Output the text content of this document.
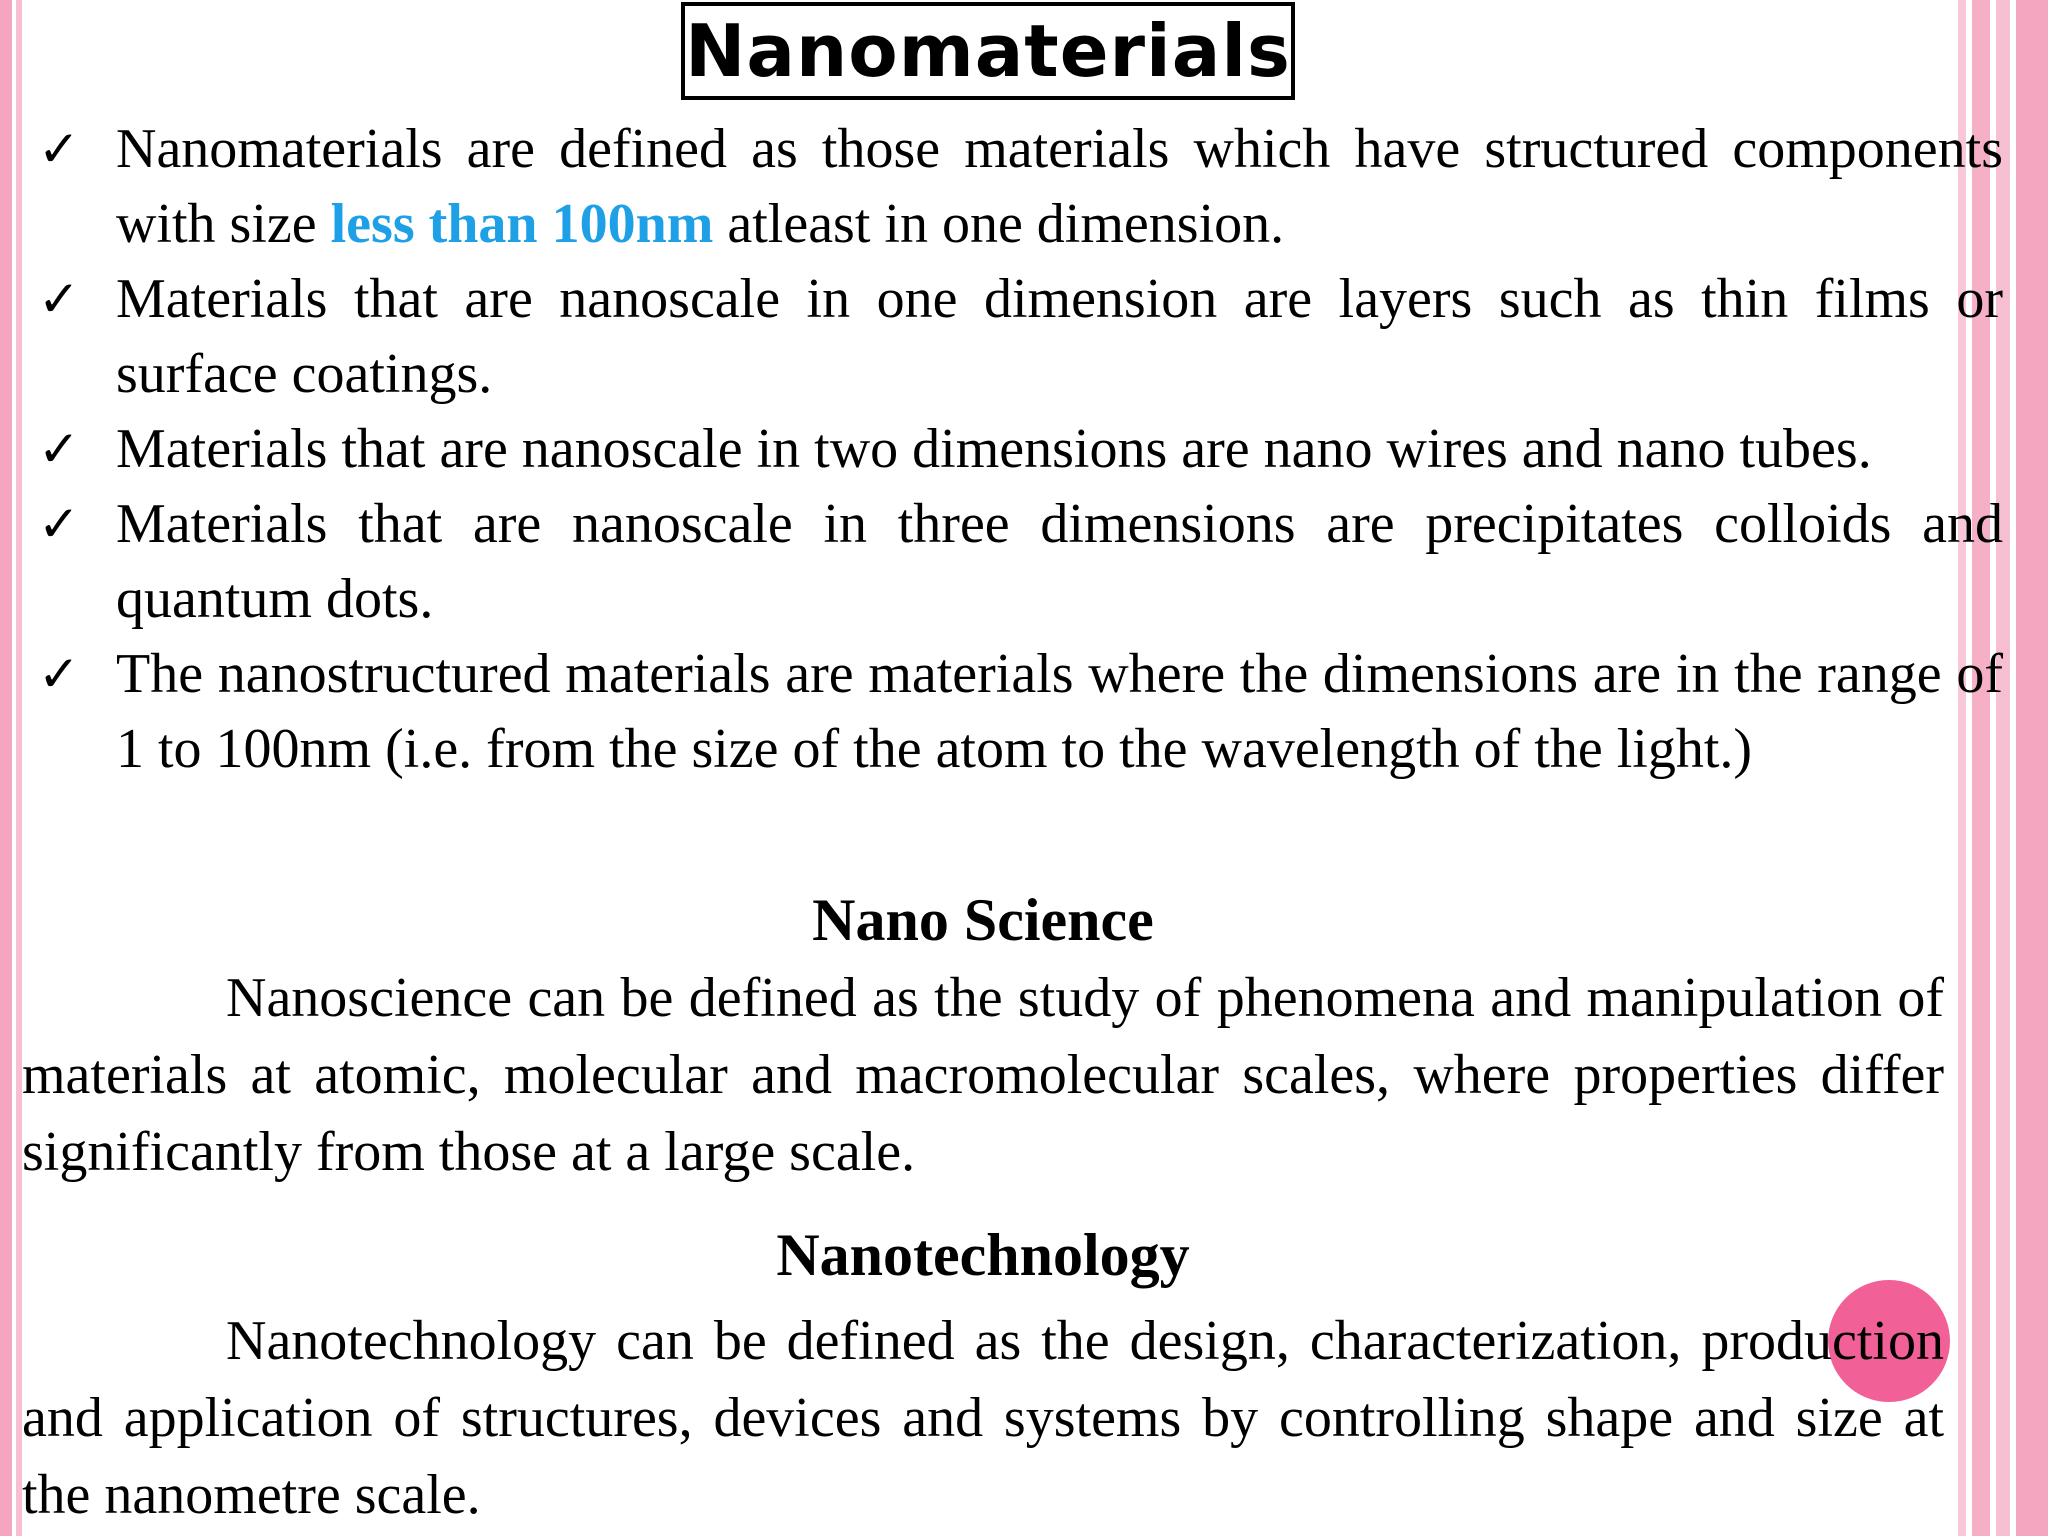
Nanomaterials
✓ Nanomaterials are defined as those materials which have structured components with size less than 100nm atleast in one dimension.
✓ Materials that are nanoscale in one dimension are layers such as thin films or surface coatings.
✓ Materials that are nanoscale in two dimensions are nano wires and nano tubes.
✓ Materials that are nanoscale in three dimensions are precipitates colloids and quantum dots.
✓ The nanostructured materials are materials where the dimensions are in the range of 1 to 100nm (i.e. from the size of the atom to the wavelength of the light.)
Nano Science

Nanoscience can be defined as the study of phenomena and manipulation of materials at atomic, molecular and macromolecular scales, where properties differ significantly from those at a large scale.

Nanotechnology

Nanotechnology can be defined as the design, characterization, production and application of structures, devices and systems by controlling shape and size at the nanometre scale.
